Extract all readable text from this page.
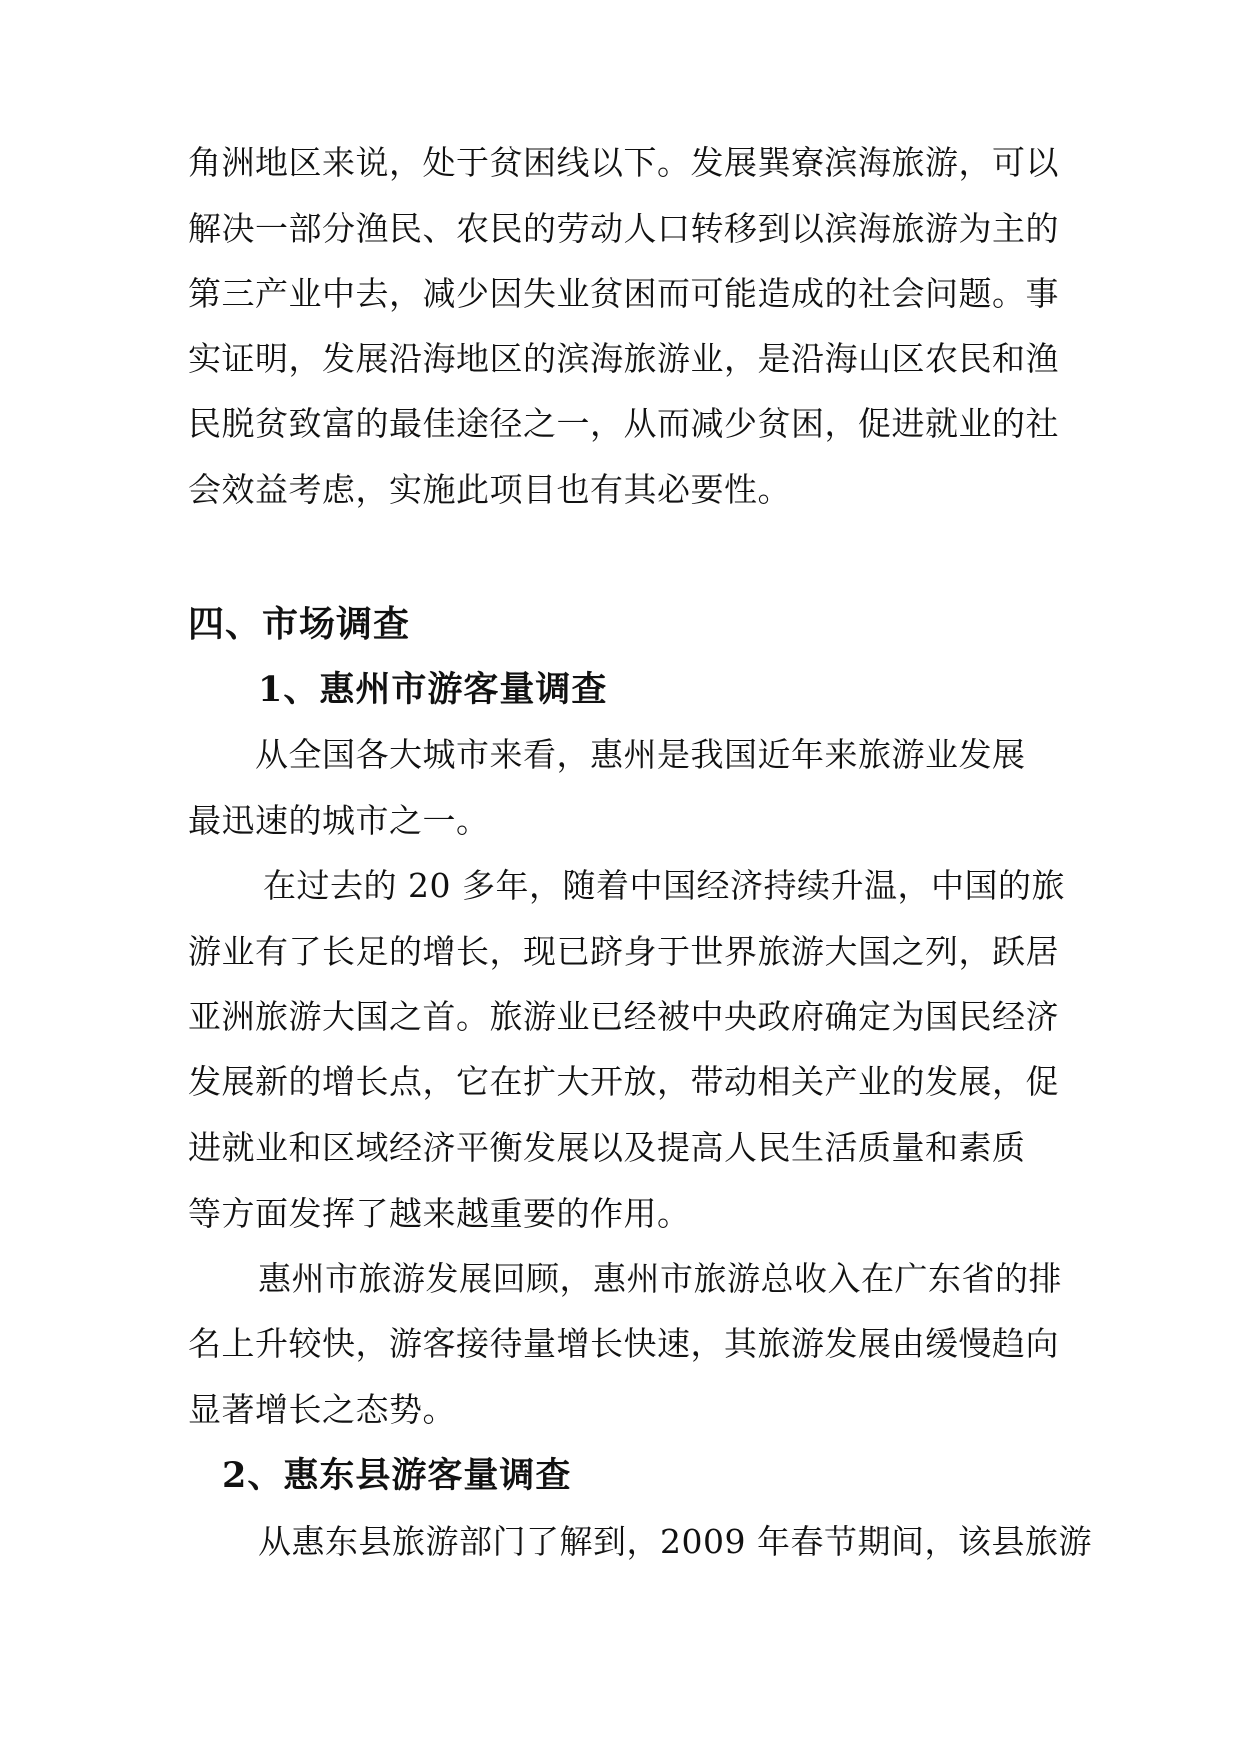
角洲地区来说，处于贫困线以下。发展巽寮滨海旅游，可以
解决一部分渔民、农民的劳动人口转移到以滨海旅游为主的
第三产业中去，减少因失业贫困而可能造成的社会问题。事
实证明，发展沿海地区的滨海旅游业，是沿海山区农民和渔
民脱贫致富的最佳途径之一，从而减少贫困，促进就业的社
会效益考虑，实施此项目也有其必要性。
四、市场调查
1、惠州市游客量调查
从全国各大城市来看，惠州是我国近年来旅游业发展
最迅速的城市之一。
在过去的 20 多年，随着中国经济持续升温，中国的旅
游业有了长足的增长，现已跻身于世界旅游大国之列，跃居
亚洲旅游大国之首。旅游业已经被中央政府确定为国民经济
发展新的增长点，它在扩大开放，带动相关产业的发展，促
进就业和区域经济平衡发展以及提高人民生活质量和素质
等方面发挥了越来越重要的作用。
惠州市旅游发展回顾，惠州市旅游总收入在广东省的排
名上升较快，游客接待量增长快速，其旅游发展由缓慢趋向
显著增长之态势。
2、惠东县游客量调查
从惠东县旅游部门了解到，2009 年春节期间，该县旅游
